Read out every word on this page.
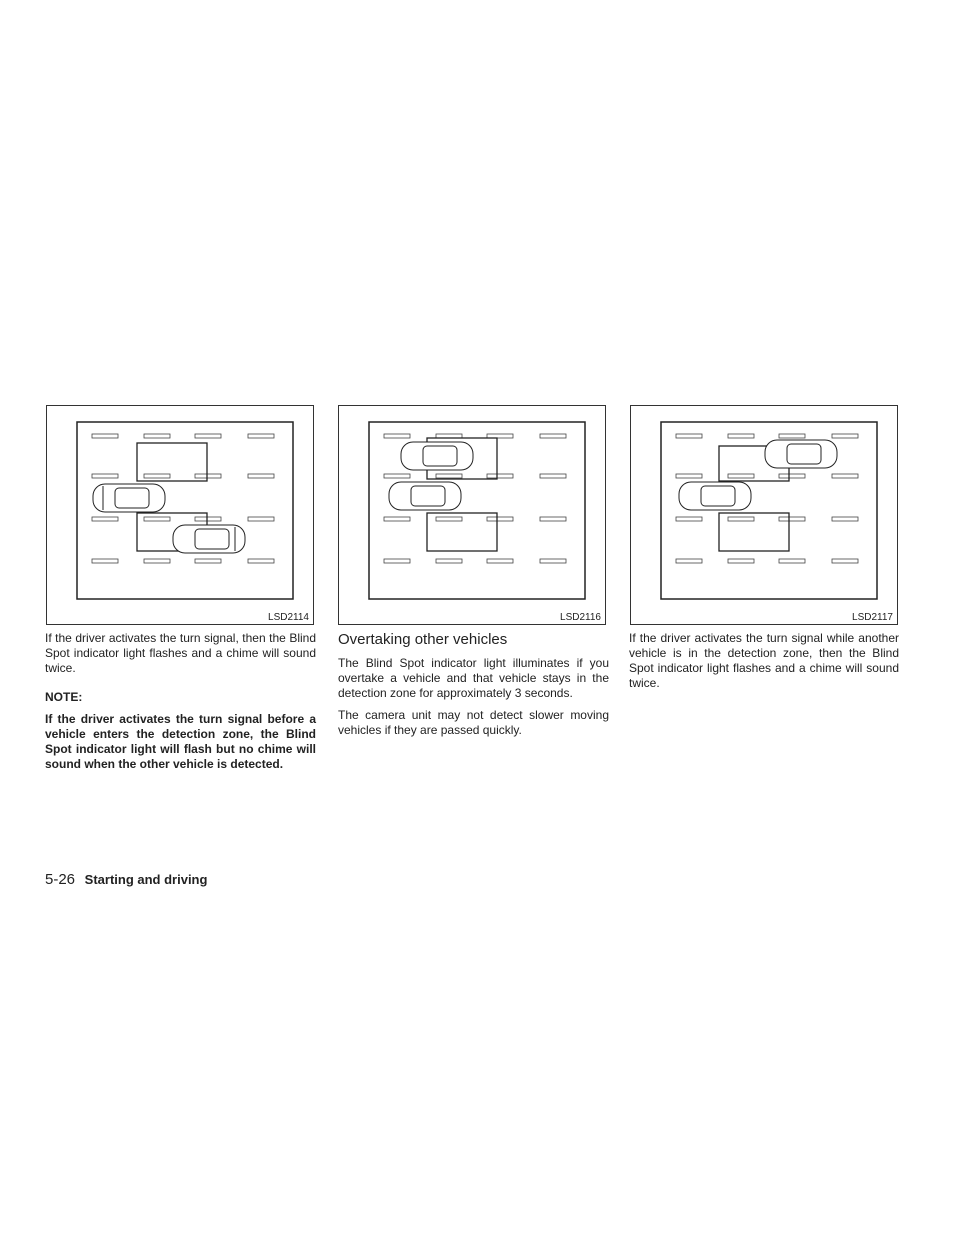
LSD2114	LSD2116	LSD2117

If the driver activates the turn signal, then the Blind Spot indicator light flashes and a chime will sound twice.

NOTE:

If the driver activates the turn signal before a vehicle enters the detection zone, the Blind Spot indicator light will flash but no chime will sound when the other vehicle is detected.

Overtaking other vehicles

The Blind Spot indicator light illuminates if you overtake a vehicle and that vehicle stays in the detection zone for approximately 3 seconds.

The camera unit may not detect slower moving vehicles if they are passed quickly.

If the driver activates the turn signal while another vehicle is in the detection zone, then the Blind Spot indicator light flashes and a chime will sound twice.

5-26 Starting and driving
